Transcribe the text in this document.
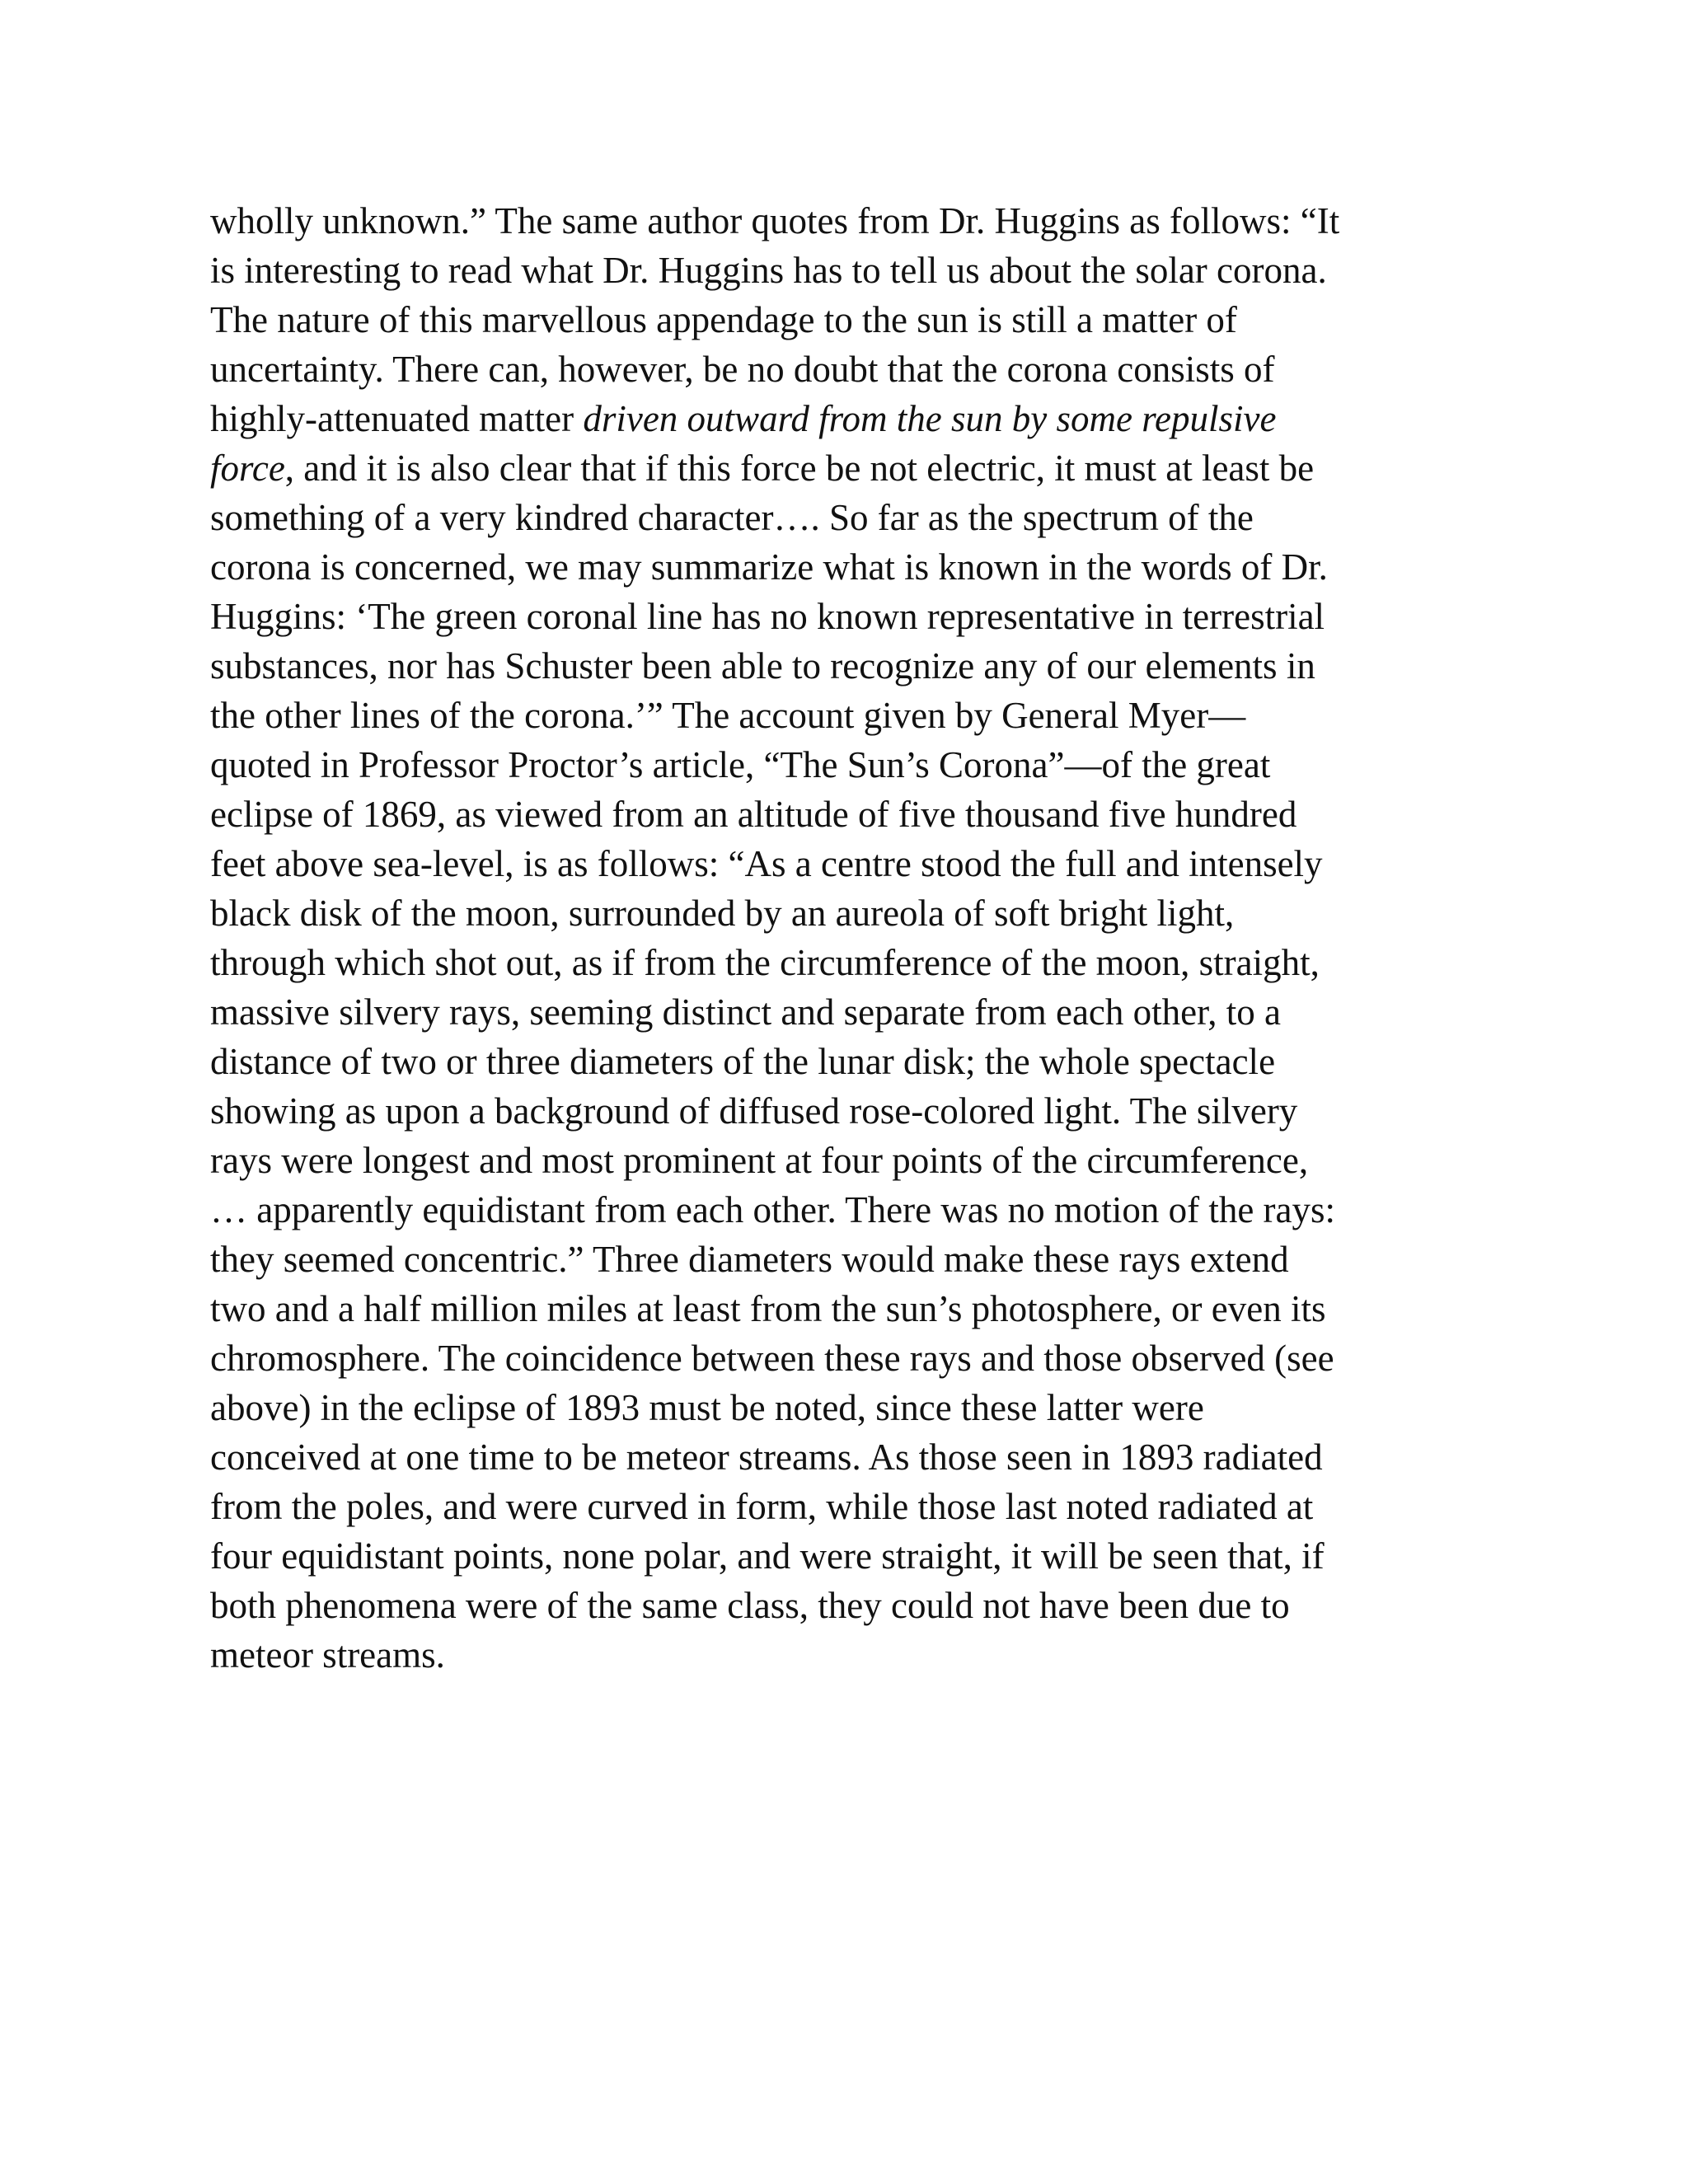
wholly unknown.” The same author quotes from Dr. Huggins as follows: “It
is interesting to read what Dr. Huggins has to tell us about the solar corona.
The nature of this marvellous appendage to the sun is still a matter of
uncertainty. There can, however, be no doubt that the corona consists of
highly-attenuated matter driven outward from the sun by some repulsive
force, and it is also clear that if this force be not electric, it must at least be
something of a very kindred character…. So far as the spectrum of the
corona is concerned, we may summarize what is known in the words of Dr.
Huggins: ‘The green coronal line has no known representative in terrestrial
substances, nor has Schuster been able to recognize any of our elements in
the other lines of the corona.’” The account given by General Myer—
quoted in Professor Proctor’s article, “The Sun’s Corona”—of the great
eclipse of 1869, as viewed from an altitude of five thousand five hundred
feet above sea-level, is as follows: “As a centre stood the full and intensely
black disk of the moon, surrounded by an aureola of soft bright light,
through which shot out, as if from the circumference of the moon, straight,
massive silvery rays, seeming distinct and separate from each other, to a
distance of two or three diameters of the lunar disk; the whole spectacle
showing as upon a background of diffused rose-colored light. The silvery
rays were longest and most prominent at four points of the circumference,
… apparently equidistant from each other. There was no motion of the rays:
they seemed concentric.” Three diameters would make these rays extend
two and a half million miles at least from the sun’s photosphere, or even its
chromosphere. The coincidence between these rays and those observed (see
above) in the eclipse of 1893 must be noted, since these latter were
conceived at one time to be meteor streams. As those seen in 1893 radiated
from the poles, and were curved in form, while those last noted radiated at
four equidistant points, none polar, and were straight, it will be seen that, if
both phenomena were of the same class, they could not have been due to
meteor streams.
